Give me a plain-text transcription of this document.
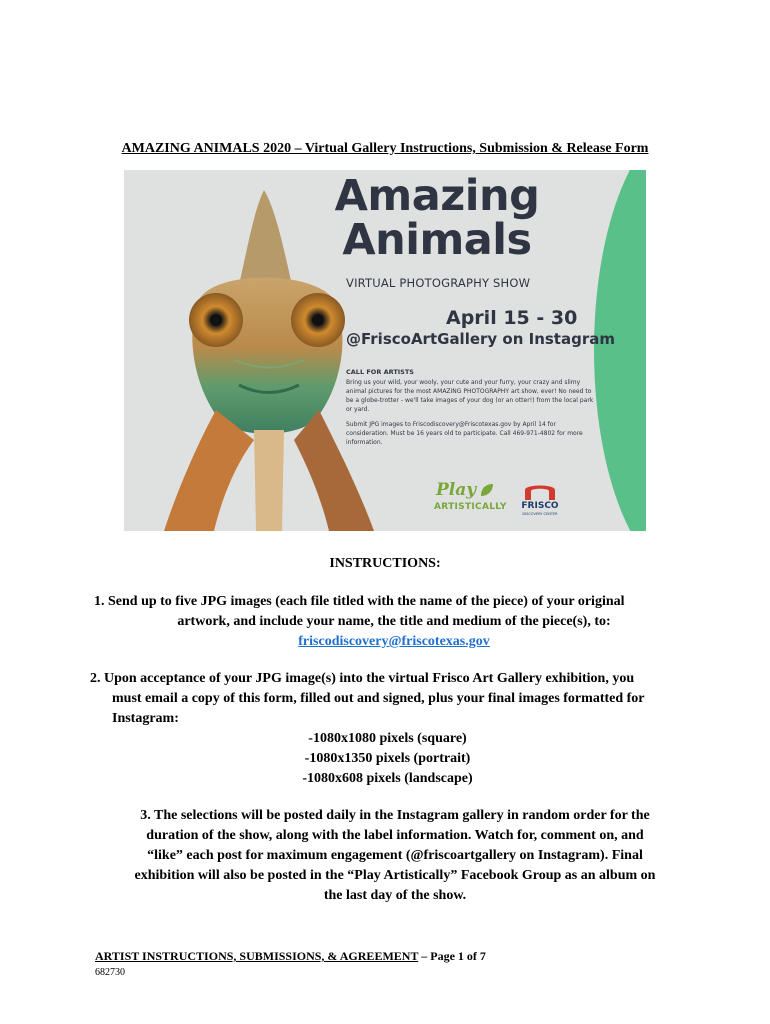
AMAZING ANIMALS 2020 – Virtual Gallery Instructions, Submission & Release Form
Amazing
Animals
VIRTUAL PHOTOGRAPHY SHOW
April 15 - 30
@FriscoArtGallery on Instagram
CALL FOR ARTISTS
Bring us your wild, your wooly, your cute and your furry, your crazy and slimy animal pictures for the most AMAZING PHOTOGRAPHY art show, ever! No need to be a globe-trotter - we'll take images of your dog (or an otter!) from the local park or yard.
Submit JPG images to Friscodiscovery@Friscotexas.gov by April 14 for consideration. Must be 16 years old to participate. Call 469-971-4802 for more information.
Play
ARTISTICALLY	FRISCO
DISCOVERY CENTER
INSTRUCTIONS:
1. Send up to five JPG images (each file titled with the name of the piece) of your original
artwork, and include your name, the title and medium of the piece(s), to:
friscodiscovery@friscotexas.gov
2. Upon acceptance of your JPG image(s) into the virtual Frisco Art Gallery exhibition, you
must email a copy of this form, filled out and signed, plus your final images formatted for
Instagram:
-1080x1080 pixels (square)
-1080x1350 pixels (portrait)
-1080x608 pixels (landscape)
3. The selections will be posted daily in the Instagram gallery in random order for the
duration of the show, along with the label information. Watch for, comment on, and
“like” each post for maximum engagement (@friscoartgallery on Instagram). Final
exhibition will also be posted in the “Play Artistically” Facebook Group as an album on
the last day of the show.
ARTIST INSTRUCTIONS, SUBMISSIONS, & AGREEMENT – Page 1 of 7
682730
